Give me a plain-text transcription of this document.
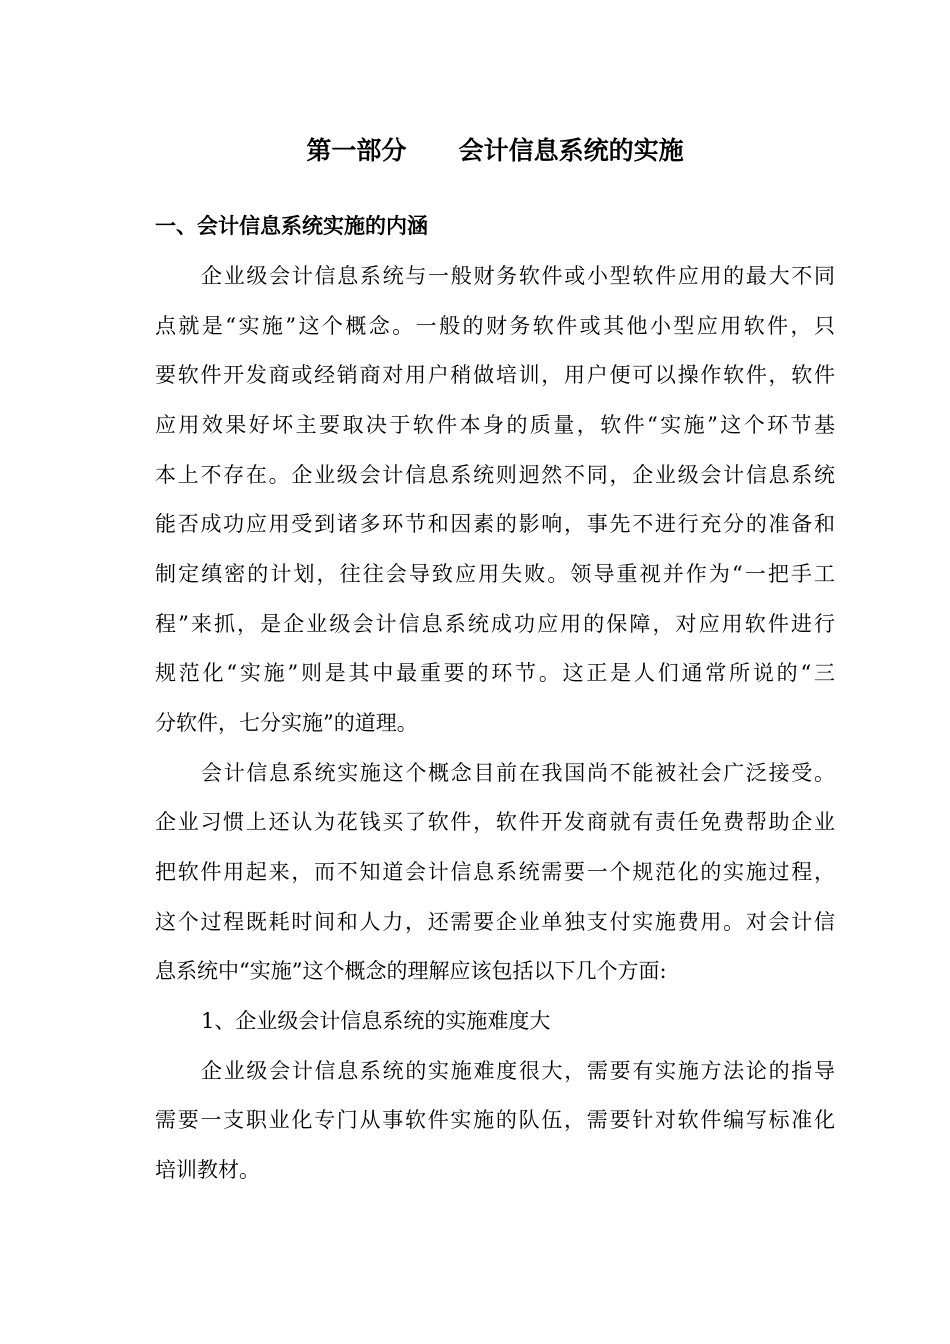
第一部分      会计信息系统的实施
一、会计信息系统实施的内涵
企业级会计信息系统与一般财务软件或小型软件应用的最大不同
点就是“实施”这个概念。一般的财务软件或其他小型应用软件，只
要软件开发商或经销商对用户稍做培训，用户便可以操作软件，软件
应用效果好坏主要取决于软件本身的质量，软件“实施”这个环节基
本上不存在。企业级会计信息系统则迥然不同，企业级会计信息系统
能否成功应用受到诸多环节和因素的影响，事先不进行充分的准备和
制定缜密的计划，往往会导致应用失败。领导重视并作为“一把手工
程”来抓，是企业级会计信息系统成功应用的保障，对应用软件进行
规范化“实施”则是其中最重要的环节。这正是人们通常所说的“三
分软件，七分实施”的道理。
会计信息系统实施这个概念目前在我国尚不能被社会广泛接受。
企业习惯上还认为花钱买了软件，软件开发商就有责任免费帮助企业
把软件用起来，而不知道会计信息系统需要一个规范化的实施过程，
这个过程既耗时间和人力，还需要企业单独支付实施费用。对会计信
息系统中“实施”这个概念的理解应该包括以下几个方面:
1、企业级会计信息系统的实施难度大
企业级会计信息系统的实施难度很大，需要有实施方法论的指导
需要一支职业化专门从事软件实施的队伍，需要针对软件编写标准化
培训教材。
